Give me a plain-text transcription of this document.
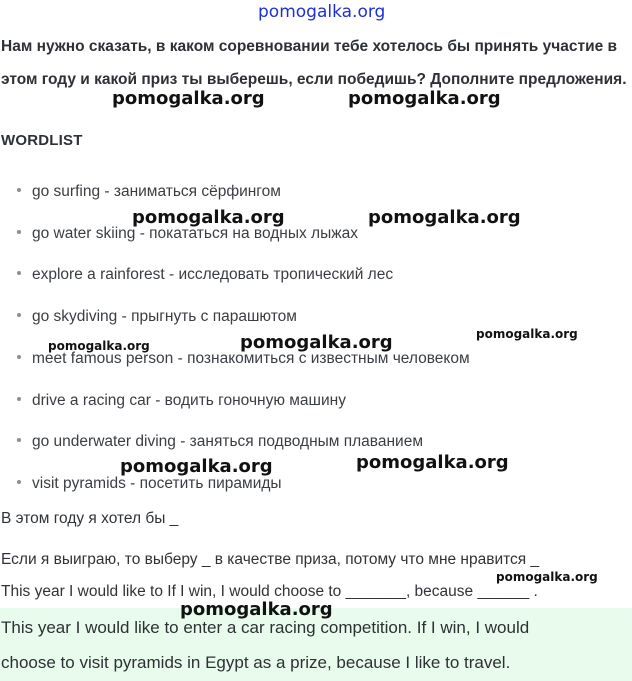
pomogalka.org
Нам нужно сказать, в каком соревновании тебе хотелось бы принять участие в этом году и какой приз ты выберешь, если победишь? Дополните предложения.
WORDLIST
go surfing - заниматься сёрфингом
go water skiing - покататься на водных лыжах
explore a rainforest - исследовать тропический лес
go skydiving - прыгнуть с парашютом
meet famous person - познакомиться с известным человеком
drive a racing car - водить гоночную машину
go underwater diving - заняться подводным плаванием
visit pyramids - посетить пирамиды
В этом году я хотел бы _
Если я выиграю, то выберу _ в качестве приза, потому что мне нравится _
This year I would like to If I win, I would choose to _______, because ______ .

This year I would like to enter a car racing competition. If I win, I would

choose to visit pyramids in Egypt as a prize, because I like to travel.

pomogalka.org	pomogalka.org
pomogalka.org	pomogalka.org
pomogalka.org	pomogalka.org	pomogalka.org
pomogalka.org	pomogalka.org
pomogalka.org
pomogalka.org
